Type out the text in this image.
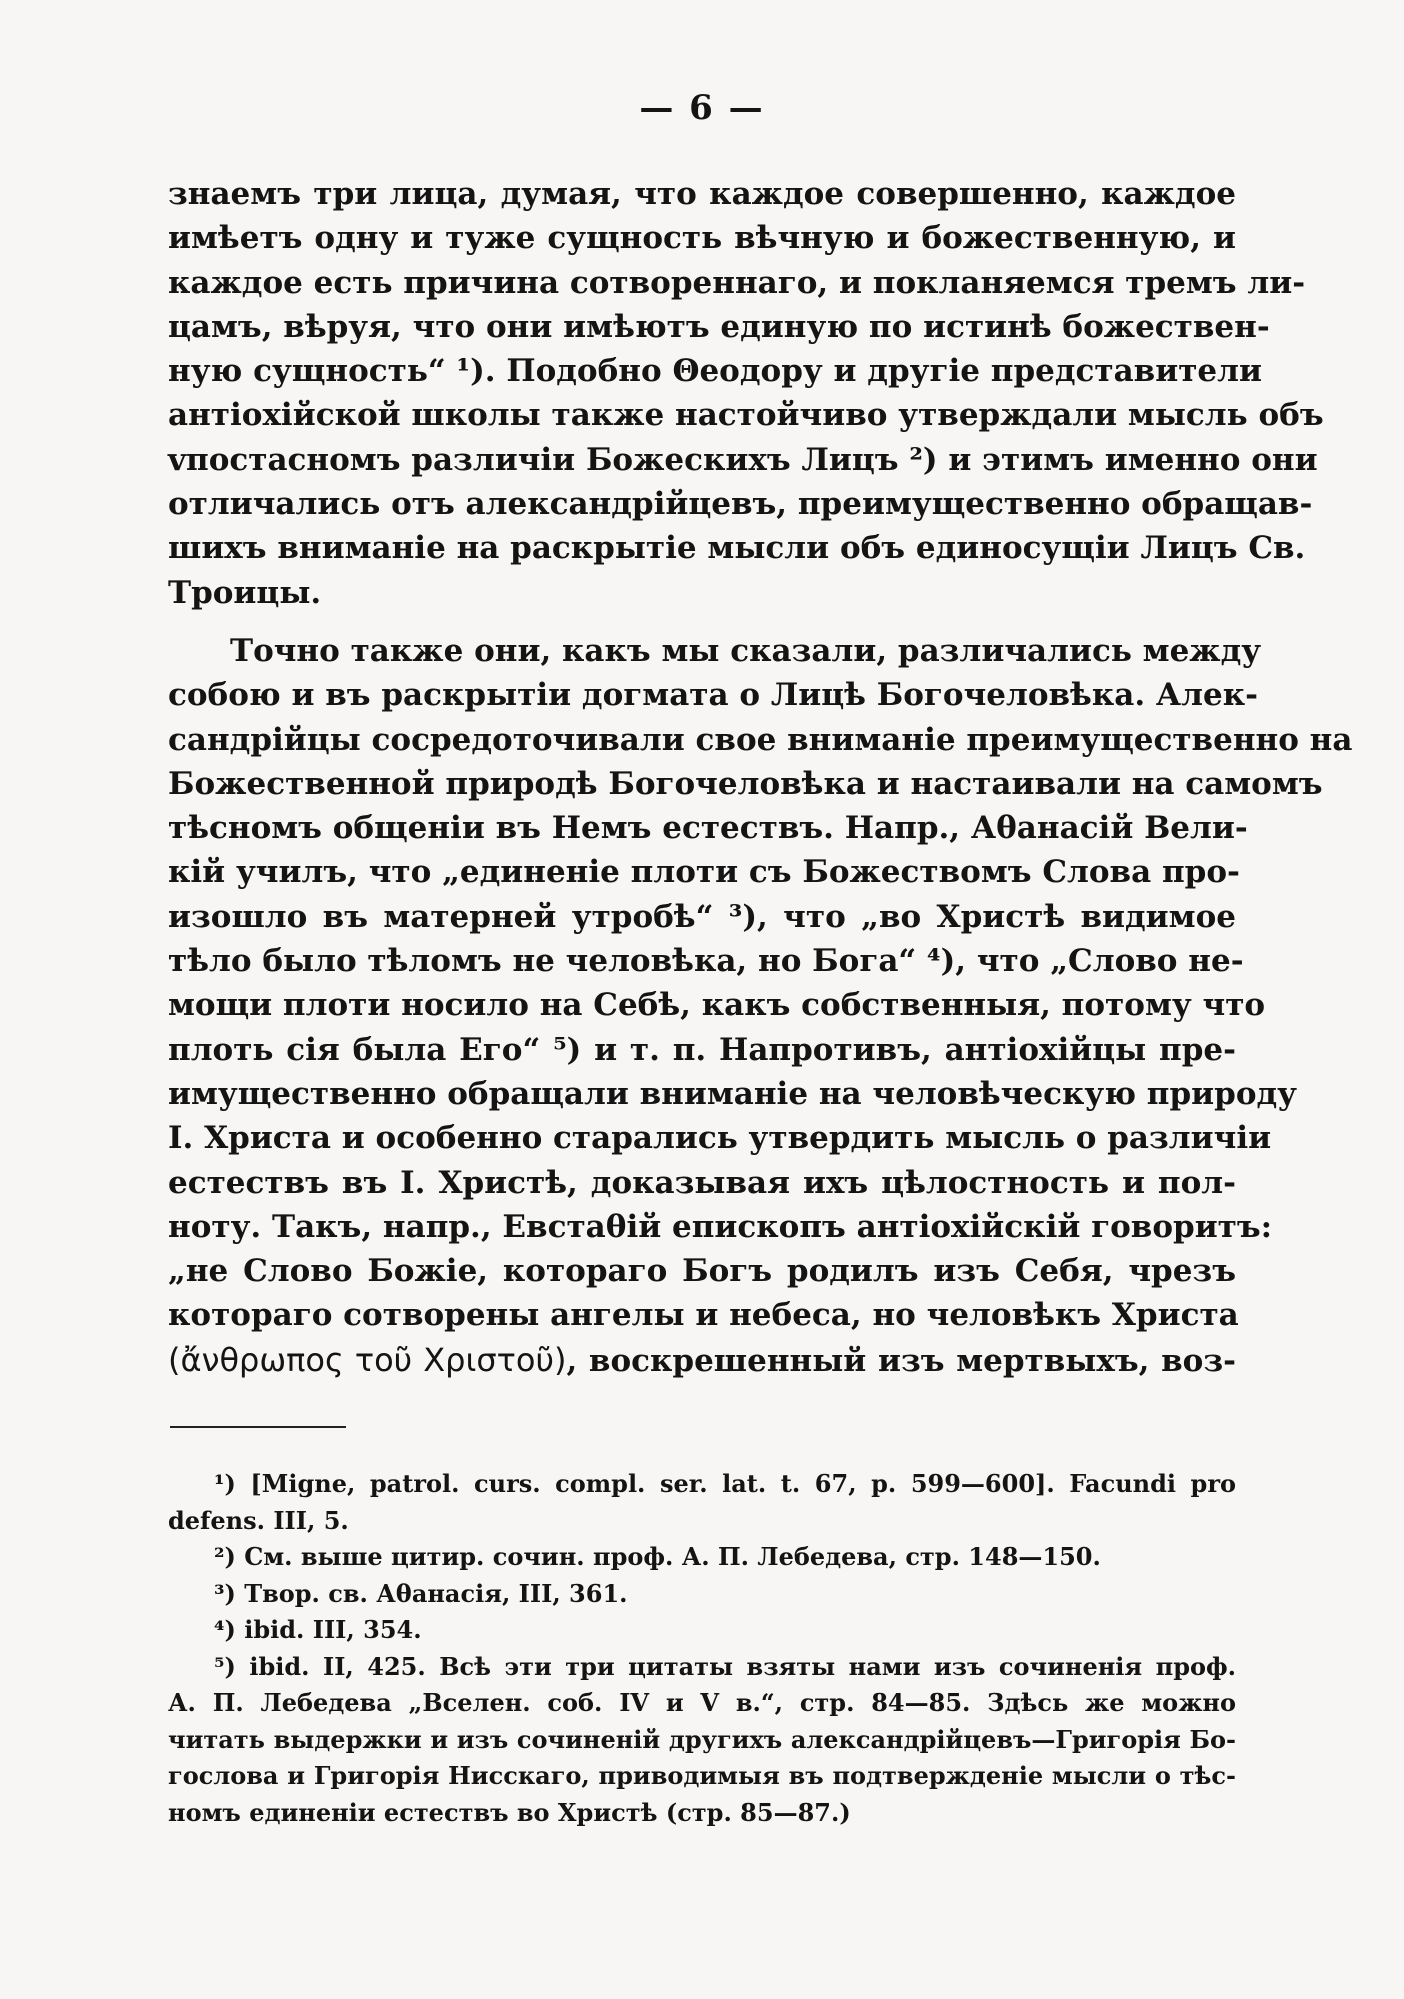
— 6 —
знаемъ три лица, думая, что каждое совершенно, каждое
имѣетъ одну и туже сущность вѣчную и божественную, и
каждое есть причина сотвореннаго, и покланяемся тремъ ли-
цамъ, вѣруя, что они имѣютъ единую по истинѣ божествен-
ную сущность“ ¹). Подобно Θеодору и другіе представители
антіохійской школы также настойчиво утверждали мысль объ
vпостасномъ различіи Божескихъ Лицъ ²) и этимъ именно они
отличались отъ александрійцевъ, преимущественно обращав-
шихъ вниманіе на раскрытіе мысли объ единосущіи Лицъ Св.
Троицы.
Точно также они, какъ мы сказали, различались между
собою и въ раскрытіи догмата о Лицѣ Богочеловѣка. Алек-
сандрійцы сосредоточивали свое вниманіе преимущественно на
Божественной природѣ Богочеловѣка и настаивали на самомъ
тѣсномъ общеніи въ Немъ естествъ. Напр., Аθанасій Вели-
кій училъ, что „единеніе плоти съ Божествомъ Слова про-
изошло въ матерней утробѣ“ ³), что „во Христѣ видимое
тѣло было тѣломъ не человѣка, но Бога“ ⁴), что „Слово не-
мощи плоти носило на Себѣ, какъ собственныя, потому что
плоть сія была Его“ ⁵) и т. п. Напротивъ, антіохійцы пре-
имущественно обращали вниманіе на человѣческую природу
І. Христа и особенно старались утвердить мысль о различіи
естествъ въ І. Христѣ, доказывая ихъ цѣлостность и пол-
ноту. Такъ, напр., Евстаθій епископъ антіохійскій говоритъ:
„не Слово Божіе, котораго Богъ родилъ изъ Себя, чрезъ
котораго сотворены ангелы и небеса, но человѣкъ Христа
(ἄνθρωπος τοῦ Χριστοῦ), воскрешенный изъ мертвыхъ, воз-
¹) [Migne, patrol. curs. compl. ser. lat. t. 67, p. 599—600]. Facundi pro
defens. III, 5.
²) См. выше цитир. сочин. проф. А. П. Лебедева, стр. 148—150.
³) Твор. св. Аθанасія, III, 361.
⁴) ibid. III, 354.
⁵) ibid. II, 425. Всѣ эти три цитаты взяты нами изъ сочиненія проф.
А. П. Лебедева „Вселен. соб. IV и V в.“, стр. 84—85. Здѣсь же можно
читать выдержки и изъ сочиненій другихъ александрійцевъ—Григорія Бо-
гослова и Григорія Нисскаго, приводимыя въ подтвержденіе мысли о тѣс-
номъ единеніи естествъ во Христѣ (стр. 85—87.)
